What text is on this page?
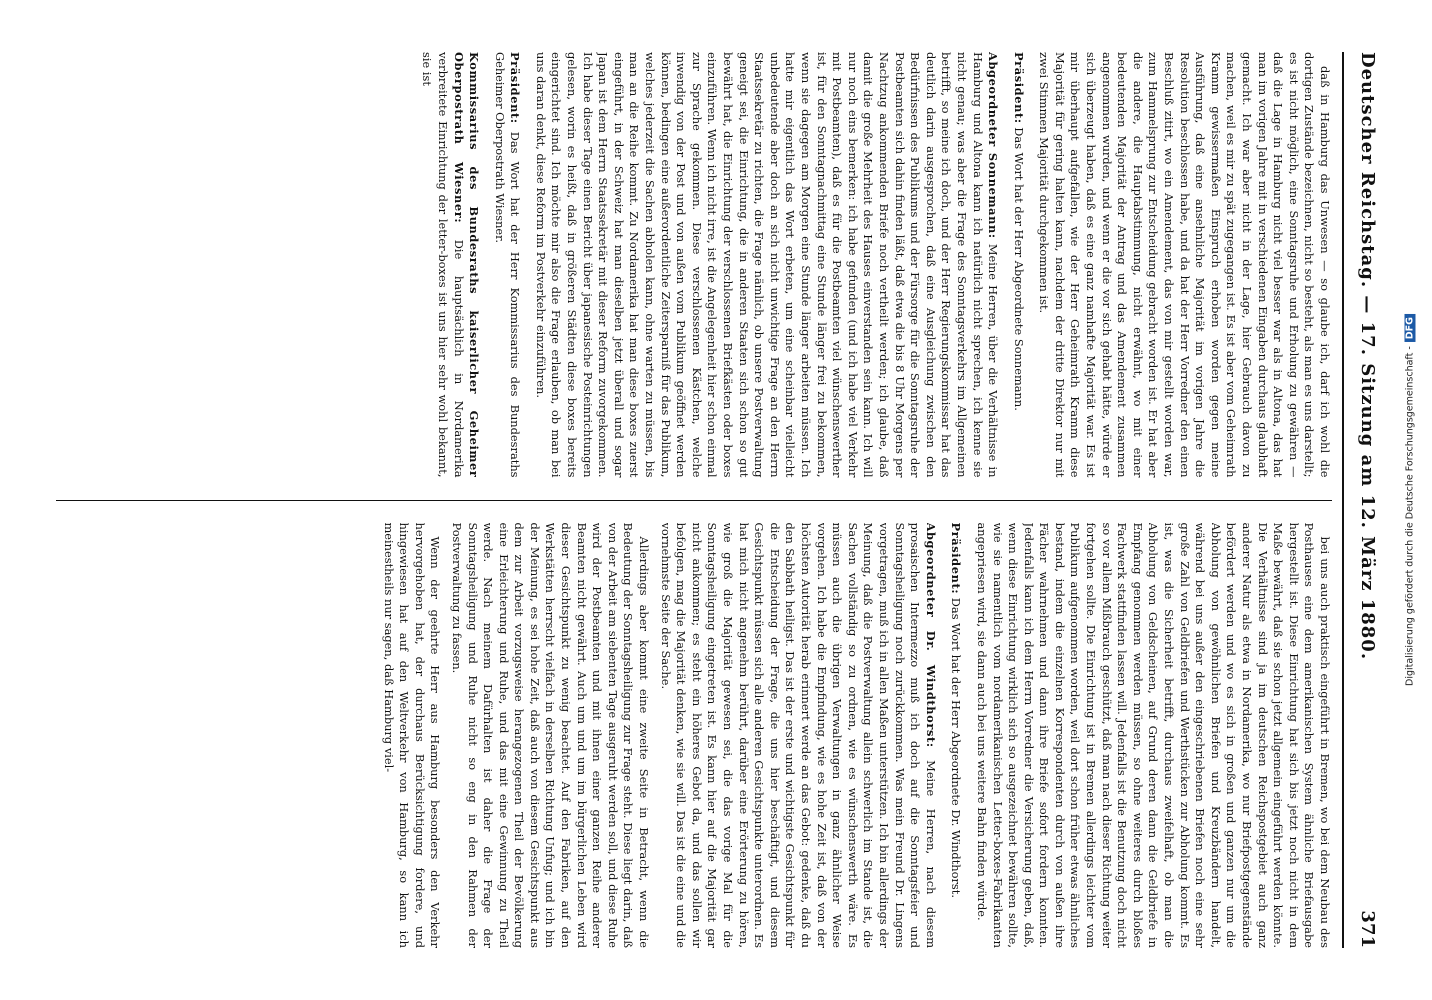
Deutscher Reichstag. — 17. Sitzung am 12. März 1880.
371

daß in Hamburg das Unwesen — so glaube ich, darf ich wohl die dortigen Zustände bezeichnen, nicht so besteht, als man es uns darstellt; es ist nicht möglich, eine Sonntagsruhe und Erholung zu gewähren — daß die Lage in Hamburg nicht viel besser war als in Altona, das hat man im vorigen Jahre mit in verschiedenen Eingaben durchaus glaubhaft gemacht. Ich war aber nicht in der Lage, hier Gebrauch davon zu machen, weil es mir zu spät zugegangen ist. Es ist aber vom Geheimrath Kramm gewissermaßen Einspruch erhoben worden gegen meine Ausführung, daß eine ansehnliche Majorität im vorigen Jahre die Resolution beschlossen habe, und da hat der Herr Vorredner den einen Beschluß zitirt, wo ein Amendement, das von mir gestellt worden war, zum Hammelsprung zur Entscheidung gebracht worden ist. Er hat aber die andere, die Hauptabstimmung, nicht erwähnt, wo mit einer bedeutenden Majorität der Antrag und das Amendement zusammen angenommen wurden, und wenn er die vor sich gehabt hätte, würde er sich überzeugt haben, daß es eine ganz namhafte Majorität war. Es ist mir überhaupt aufgefallen, wie der Herr Geheimrath Kramm diese Majorität für gering halten kann, nachdem der dritte Direktor nur mit zwei Stimmen Majorität durchgekommen ist.

Präsident: Das Wort hat der Herr Abgeordnete Sonnemann.

Abgeordneter Sonnemann: Meine Herren, über die Verhältnisse in Hamburg und Altona kann ich natürlich nicht sprechen, ich kenne sie nicht genau; was aber die Frage des Sonntagsverkehrs im Allgemeinen betrifft, so meine ich doch, und der Herr Regierungskommissar hat das deutlich darin ausgesprochen, daß eine Ausgleichung zwischen den Bedürfnissen des Publikums und der Fürsorge für die Sonntagsruhe der Postbeamten sich dahin finden läßt, daß etwa die bis 8 Uhr Morgens per Nachtzug ankommenden Briefe noch vertheilt werden; ich glaube, daß damit die große Mehrheit des Hauses einverstanden sein kann. Ich will nur noch eins bemerken: ich habe gefunden (und ich habe viel Verkehr mit Postbeamten), daß es für die Postbeamten viel wünschenswerther ist, für den Sonntagnachmittag eine Stunde länger frei zu bekommen, wenn sie dagegen am Morgen eine Stunde länger arbeiten müssen. Ich hatte mir eigentlich das Wort erbeten, um eine scheinbar vielleicht unbedeutende aber doch an sich nicht unwichtige Frage an den Herrn Staatssekretär zu richten, die Frage nämlich, ob unsere Postverwaltung geneigt sei, die Einrichtung, die in anderen Staaten sich schon so gut bewährt hat, die Einrichtung der verschlossenen Briefkästen oder boxes einzuführen. Wenn ich nicht irre, ist die Angelegenheit hier schon einmal zur Sprache gekommen. Diese verschlossenen Kästchen, welche inwendig von der Post und von außen vom Publikum geöffnet werden können, bedingen eine außerordentliche Zeitersparniß für das Publikum, welches jederzeit die Sachen abholen kann, ohne warten zu müssen, bis man an die Reihe kommt. Zu Nordamerika hat man diese boxes zuerst eingeführt, in der Schweiz hat man dieselben jetzt überall und sogar Japan ist dem Herrn Staatssekretär mit dieser Reform zuvorgekommen. Ich habe dieser Tage einen Bericht über japanesische Posteinrichtungen gelesen, worin es heißt, daß in größeren Städten diese boxes bereits eingerichtet sind. Ich möchte mir also die Frage erlauben, ob man bei uns daran denkt, diese Reform im Postverkehr einzuführen.

Präsident: Das Wort hat der Herr Kommissarius des Bundesraths Geheimer Oberpostrath Wiesner.

Kommissarius des Bundesraths kaiserlicher Geheimer Oberpostrath Wiesner: Die hauptsächlich in Nordamerika verbreitete Einrichtung der letter-boxes ist uns hier sehr wohl bekannt, sie ist

bei uns auch praktisch eingeführt in Bremen, wo bei dem Neubau des Posthauses eine dem amerikanischen System ähnliche Briefausgabe hergestellt ist. Diese Einrichtung hat sich bis jetzt noch nicht in dem Maße bewährt, daß sie schon jetzt allgemein eingeführt werden könnte. Die Verhältnisse sind ja im deutschen Reichspostgebiet auch ganz anderer Natur als etwa in Nordamerika, wo nur Briefpostgegenstände befördert werden und wo es sich in großen und ganzen nur um die Abholung von gewöhnlichen Briefen und Kreuzbändern handelt, während bei uns außer den eingeschriebenen Briefen noch eine sehr große Zahl von Geldbriefen und Werthstücken zur Abholung kommt. Es ist, was die Sicherheit betrifft, durchaus zweifelhaft, ob man die Abholung von Geldscheinen, auf Grund deren dann die Geldbriefe in Empfang genommen werden müssen, so ohne weiteres durch bloßes Fachwerk stattfinden lassen will. Jedenfalls ist die Benutzung doch nicht so vor allem Mißbrauch geschützt, daß man nach dieser Richtung weiter fortgehen sollte. Die Einrichtung ist in Bremen allerdings leichter vom Publikum aufgenommen worden, weil dort schon früher etwas ähnliches bestand, indem die einzelnen Korrespondenten durch von außen ihre Fächer wahrnehmen und dann ihre Briefe sofort fordern konnten. Jedenfalls kann ich dem Herrn Vorredner die Versicherung geben, daß, wenn diese Einrichtung wirklich sich so ausgezeichnet bewähren sollte, wie sie namentlich vom nordamerikanischen Letter-boxes-Fabrikanten angepriesen wird, sie dann auch bei uns weitere Bahn finden würde.

Präsident: Das Wort hat der Herr Abgeordnete Dr. Windthorst.

Abgeordneter Dr. Windthorst: Meine Herren, nach diesem prosaischen Intermezzo muß ich doch auf die Sonntagsfeier und Sonntagsheiligung noch zurückkommen. Was mein Freund Dr. Lingens vorgetragen, muß ich in allen Maßen unterstützen. Ich bin allerdings der Meinung, daß die Postverwaltung allein schwerlich im Stande ist, die Sachen vollständig so zu ordnen, wie es wünschenswerth wäre. Es müssen auch die übrigen Verwaltungen in ganz ähnlicher Weise vorgehen. Ich habe die Empfindung, wie es hohe Zeit ist, daß von der höchsten Autorität herab erinnert werde an das Gebot: gedenke, daß du den Sabbath heiligst. Das ist der erste und wichtigste Gesichtspunkt für die Entscheidung der Frage, die uns hier beschäftigt, und diesem Gesichtspunkt müssen sich alle anderen Gesichtspunkte unterordnen. Es hat mich nicht angenehm berührt, darüber eine Erörterung zu hören, wie groß die Majorität gewesen sei, die das vorige Mal für die Sonntagsheiligung eingetreten ist. Es kann hier auf die Majorität gar nicht ankommen; es steht ein höheres Gebot da, und das sollen wir befolgen, mag die Majorität denken, wie sie will. Das ist die eine und die vornehmste Seite der Sache.

Allerdings aber kommt eine zweite Seite in Betracht, wenn die Bedeutung der Sonntagsheiligung zur Frage steht. Diese liegt darin, daß von der Arbeit am siebenten Tage ausgeruht werden soll, und diese Ruhe wird der Postbeamten und mit ihnen einer ganzen Reihe anderer Beamten nicht gewährt. Auch um und um im bürgerlichen Leben wird dieser Gesichtspunkt zu wenig beachtet. Auf den Fabriken, auf den Werkstätten herrscht vielfach in derselben Richtung Unfug; und ich bin der Meinung, es sei hohe Zeit, daß auch von diesem Gesichtspunkt aus dem zur Arbeit vorzugsweise herangezogenen Theil der Bevölkerung eine Erleichterung und Ruhe, und das mit eine Gewinnung zu Theil werde. Nach meinem Dafürhalten ist daher die Frage der Sonntagsheiligung und Ruhe nicht so eng in den Rahmen der Postverwaltung zu fassen.

Wenn der geehrte Herr aus Hamburg besonders den Verkehr hervorgehoben hat, der durchaus Berücksichtigung fordere, und hingewiesen hat auf den Weltverkehr von Hamburg, so kann ich meinestheils nur sagen, daß Hamburg viel-	Digitalisierung gefördert durch die Deutsche Forschungsgemeinschaft -DFG
